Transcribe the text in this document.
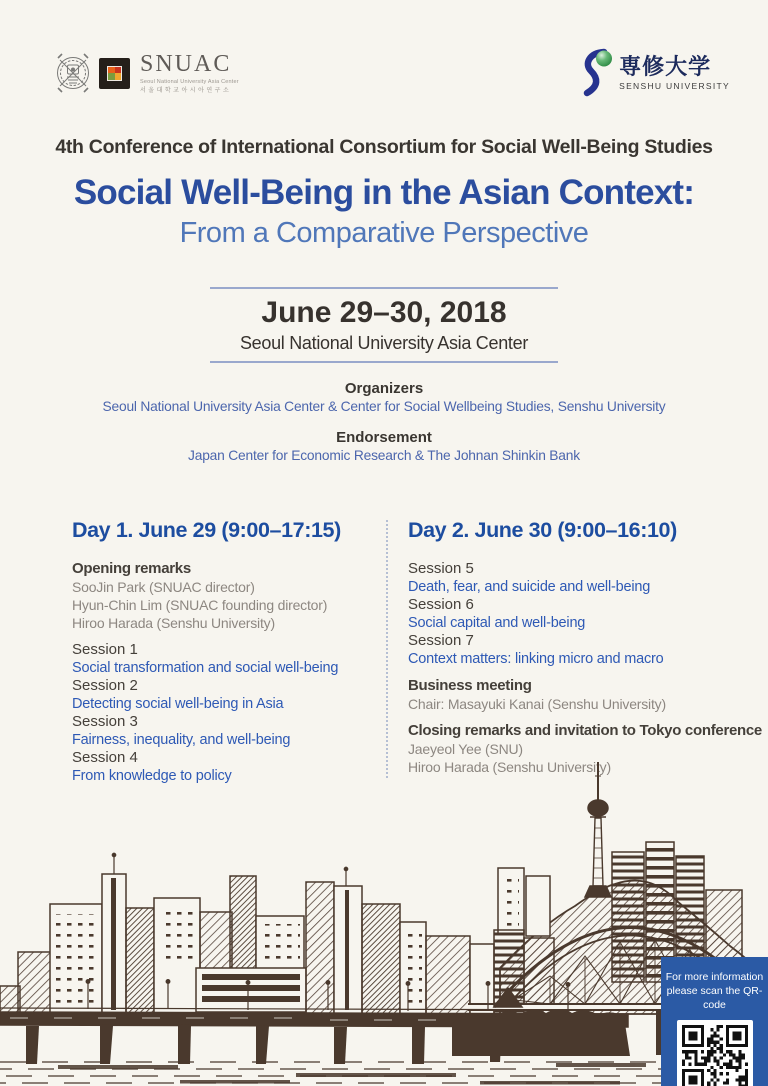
SNUAC
Seoul National University Asia Center
서울대학교아시아연구소
専修大学
SENSHU UNIVERSITY
4th Conference of International Consortium for Social Well-Being Studies
Social Well-Being in the Asian Context:
From a Comparative Perspective
June 29–30, 2018
Seoul National University Asia Center
Organizers
Seoul National University Asia Center & Center for Social Wellbeing Studies, Senshu University
Endorsement
Japan Center for Economic Research & The Johnan Shinkin Bank
Day 1. June 29 (9:00–17:15)
Opening remarks
SooJin Park (SNUAC director)
Hyun-Chin Lim (SNUAC founding director)
Hiroo Harada (Senshu University)
Session 1
Social transformation and social well-being
Session 2
Detecting social well-being in Asia
Session 3
Fairness, inequality, and well-being
Session 4
From knowledge to policy
Day 2. June 30 (9:00–16:10)
Session 5
Death, fear, and suicide and well-being
Session 6
Social capital and well-being
Session 7
Context matters: linking micro and macro
Business meeting
Chair: Masayuki Kanai (Senshu University)
Closing remarks and invitation to Tokyo conference
Jaeyeol Yee (SNU)
Hiroo Harada (Senshu University)
For more information
please scan the QR-code
